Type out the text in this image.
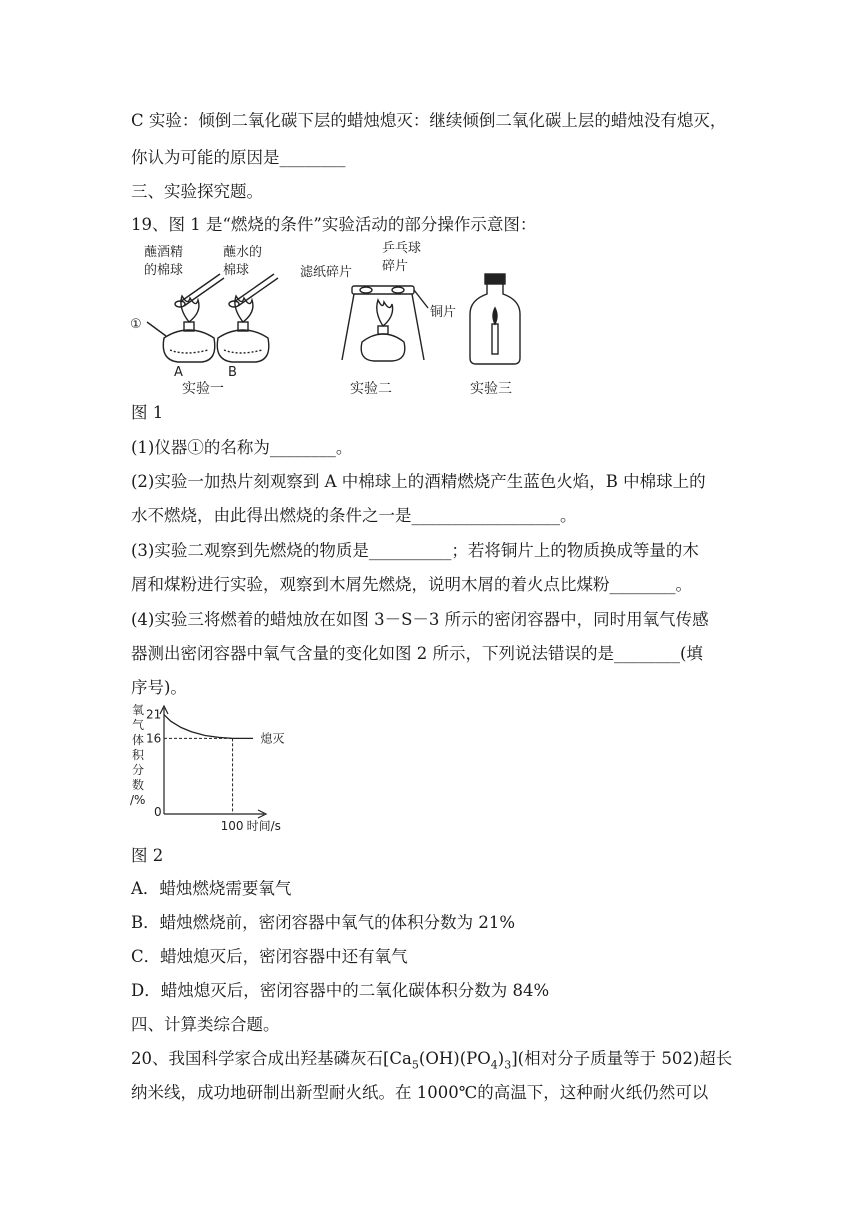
C 实验：倾倒二氧化碳下层的蜡烛熄灭：继续倾倒二氧化碳上层的蜡烛没有熄灭，
你认为可能的原因是________
三、实验探究题。
19、图 1 是“燃烧的条件”实验活动的部分操作示意图：
蘸酒精
的棉球
蘸水的
棉球
①
A	B
实验一
滤纸碎片
乒乓球
碎片
铜片
实验二	实验三
图 1
(1)仪器①的名称为________。
(2)实验一加热片刻观察到 A 中棉球上的酒精燃烧产生蓝色火焰，B 中棉球上的
水不燃烧，由此得出燃烧的条件之一是__________________。
(3)实验二观察到先燃烧的物质是__________；若将铜片上的物质换成等量的木
屑和煤粉进行实验，观察到木屑先燃烧，说明木屑的着火点比煤粉________。
(4)实验三将燃着的蜡烛放在如图 3－S－3 所示的密闭容器中，同时用氧气传感
器测出密闭容器中氧气含量的变化如图 2 所示，下列说法错误的是________(填
序号)。
氧
气
体
积
分
数
/%
21
16
0
100 时间/s
熄灭
图 2
A．蜡烛燃烧需要氧气
B．蜡烛燃烧前，密闭容器中氧气的体积分数为 21%
C．蜡烛熄灭后，密闭容器中还有氧气
D．蜡烛熄灭后，密闭容器中的二氧化碳体积分数为 84%
四、计算类综合题。
20、我国科学家合成出羟基磷灰石$[Ca_5(OH)(PO_4)_3]$(相对分子质量等于 502)超长
纳米线，成功地研制出新型耐火纸。在 1000℃的高温下，这种耐火纸仍然可以
